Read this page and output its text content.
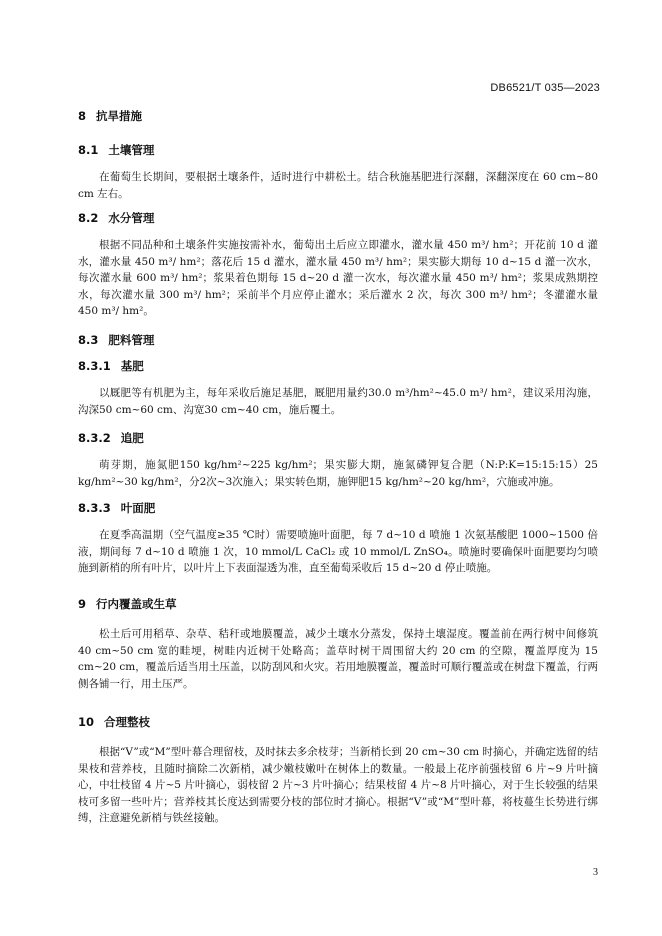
DB6521/T 035—2023
8 抗旱措施
8.1 土壤管理

在葡萄生长期间，要根据土壤条件，适时进行中耕松土。结合秋施基肥进行深翻，深翻深度在 60 cm~80 cm 左右。

8.2 水分管理

根据不同品种和土壤条件实施按需补水，葡萄出土后应立即灌水，灌水量 450 m³/ hm²；开花前 10 d 灌水，灌水量 450 m³/ hm²；落花后 15 d 灌水，灌水量 450 m³/ hm²；果实膨大期每 10 d~15 d 灌一次水，每次灌水量 600 m³/ hm²；浆果着色期每 15 d~20 d 灌一次水，每次灌水量 450 m³/ hm²；浆果成熟期控水，每次灌水量 300 m³/ hm²；采前半个月应停止灌水；采后灌水 2 次，每次 300 m³/ hm²；冬灌灌水量 450 m³/ hm²。

8.3 肥料管理
8.3.1 基肥

以厩肥等有机肥为主，每年采收后施足基肥，厩肥用量约30.0 m³/hm²~45.0 m³/ hm²，建议采用沟施，沟深50 cm~60 cm、沟宽30 cm~40 cm，施后覆土。

8.3.2 追肥

萌芽期，施氮肥150 kg/hm²~225 kg/hm²；果实膨大期，施氮磷钾复合肥（N:P:K=15:15:15）25 kg/hm²~30 kg/hm²，分2次~3次施入；果实转色期，施钾肥15 kg/hm²~20 kg/hm²，穴施或冲施。

8.3.3 叶面肥

在夏季高温期（空气温度≥35 ℃时）需要喷施叶面肥，每 7 d~10 d 喷施 1 次氨基酸肥 1000~1500 倍液，期间每 7 d~10 d 喷施 1 次，10 mmol/L CaCl₂ 或 10 mmol/L ZnSO₄。喷施时要确保叶面肥要均匀喷施到新梢的所有叶片，以叶片上下表面湿透为准，直至葡萄采收后 15 d~20 d 停止喷施。

9 行内覆盖或生草

松土后可用稻草、杂草、秸秆或地膜覆盖，减少土壤水分蒸发，保持土壤湿度。覆盖前在两行树中间修筑 40 cm~50 cm 宽的畦埂，树畦内近树干处略高；盖草时树干周围留大约 20 cm 的空隙，覆盖厚度为 15 cm~20 cm，覆盖后适当用土压盖，以防刮风和火灾。若用地膜覆盖，覆盖时可顺行覆盖或在树盘下覆盖，行两侧各铺一行，用土压严。

10 合理整枝

根据“V”或“M”型叶幕合理留枝，及时抹去多余枝芽；当新梢长到 20 cm~30 cm 时摘心，并确定选留的结果枝和营养枝，且随时摘除二次新梢，减少嫩枝嫩叶在树体上的数量。一般最上花序前强枝留 6 片~9 片叶摘心，中壮枝留 4 片~5 片叶摘心，弱枝留 2 片~3 片叶摘心；结果枝留 4 片~8 片叶摘心，对于生长较强的结果枝可多留一些叶片；营养枝其长度达到需要分枝的部位时才摘心。根据“V”或“M”型叶幕，将枝蔓生长势进行绑缚，注意避免新梢与铁丝接触。

3
